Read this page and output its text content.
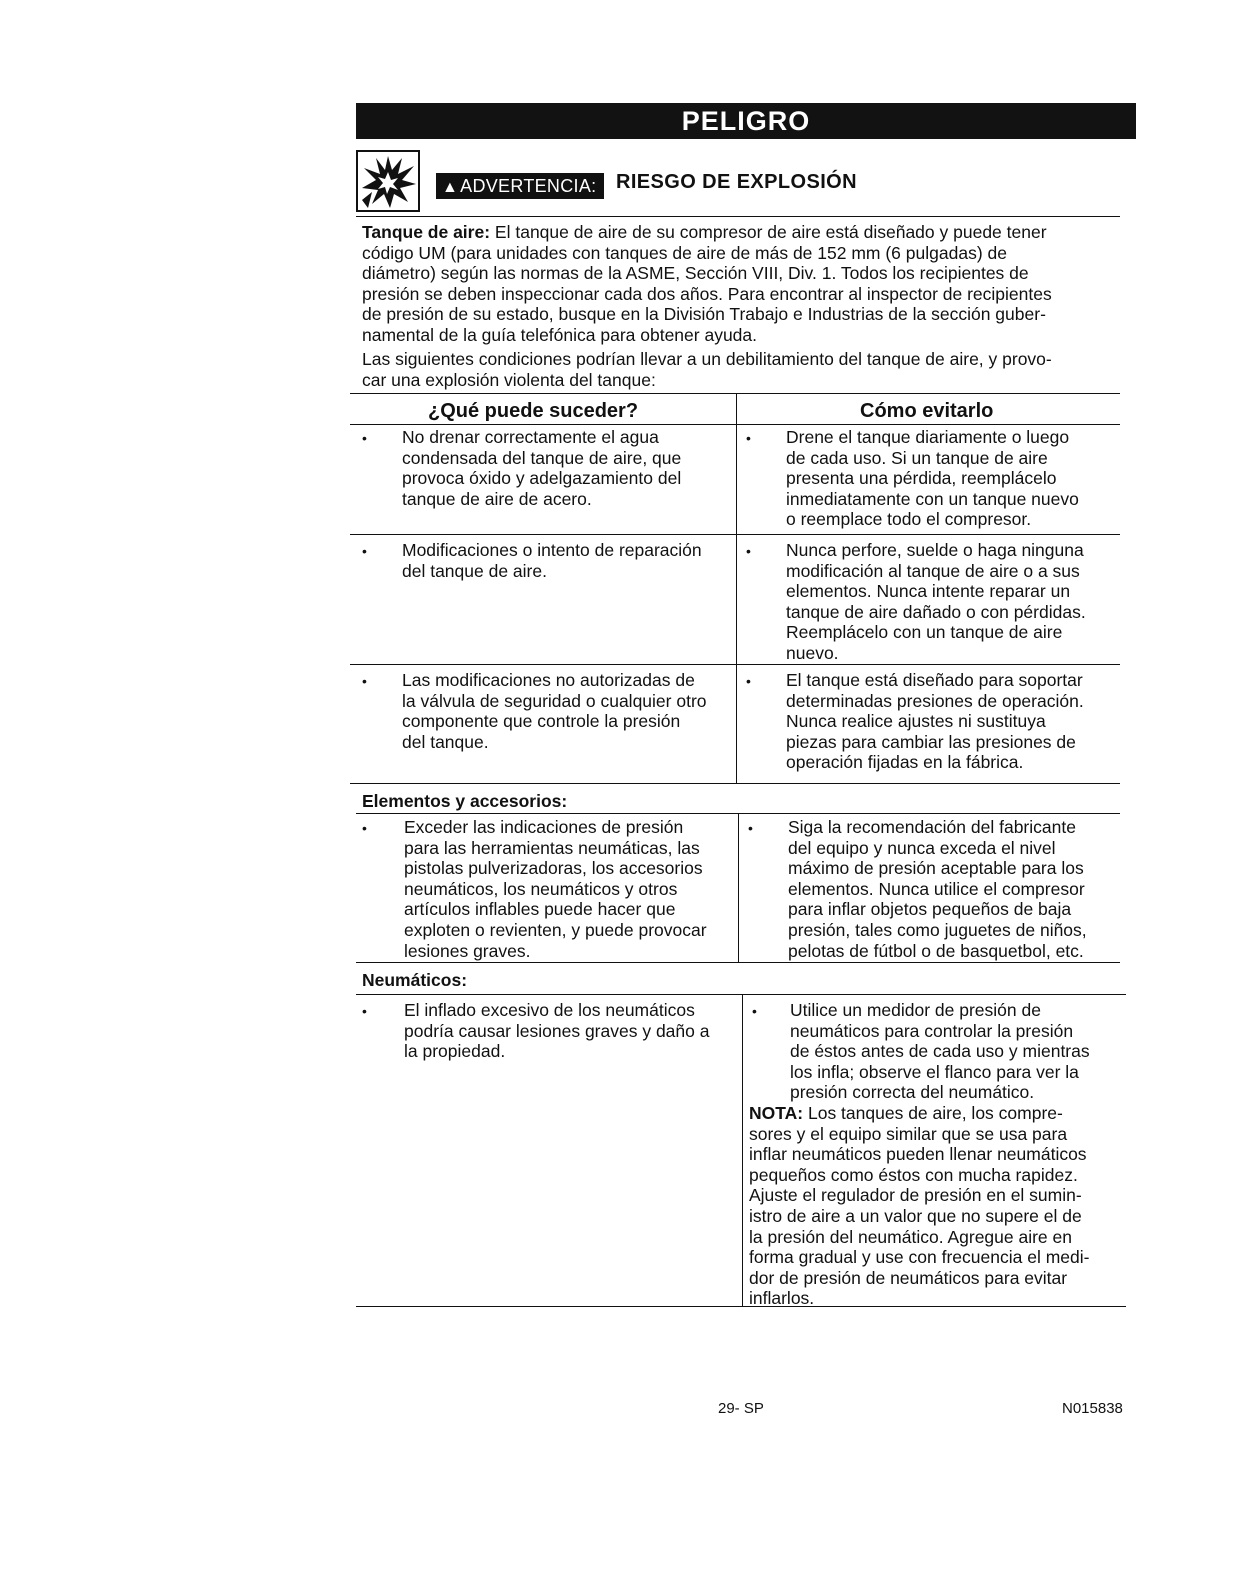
PELIGRO
▲ ADVERTENCIA: RIESGO DE EXPLOSIÓN
Tanque de aire: El tanque de aire de su compresor de aire está diseñado y puede tener
código UM (para unidades con tanques de aire de más de 152 mm (6 pulgadas) de
diámetro) según las normas de la ASME, Sección VIII, Div. 1. Todos los recipientes de
presión se deben inspeccionar cada dos años. Para encontrar al inspector de recipientes
de presión de su estado, busque en la División Trabajo e Industrias de la sección guber-
namental de la guía telefónica para obtener ayuda.
Las siguientes condiciones podrían llevar a un debilitamiento del tanque de aire, y provo-
car una explosión violenta del tanque:
¿Qué puede suceder?	Cómo evitarlo
• No drenar correctamente el agua
condensada del tanque de aire, que
provoca óxido y adelgazamiento del
tanque de aire de acero.
• Drene el tanque diariamente o luego
de cada uso. Si un tanque de aire
presenta una pérdida, reemplácelo
inmediatamente con un tanque nuevo
o reemplace todo el compresor.
• Modificaciones o intento de reparación
del tanque de aire.
• Nunca perfore, suelde o haga ninguna
modificación al tanque de aire o a sus
elementos. Nunca intente reparar un
tanque de aire dañado o con pérdidas.
Reemplácelo con un tanque de aire
nuevo.
• Las modificaciones no autorizadas de
la válvula de seguridad o cualquier otro
componente que controle la presión
del tanque.
• El tanque está diseñado para soportar
determinadas presiones de operación.
Nunca realice ajustes ni sustituya
piezas para cambiar las presiones de
operación fijadas en la fábrica.
Elementos y accesorios:
• Exceder las indicaciones de presión
para las herramientas neumáticas, las
pistolas pulverizadoras, los accesorios
neumáticos, los neumáticos y otros
artículos inflables puede hacer que
exploten o revienten, y puede provocar
lesiones graves.
• Siga la recomendación del fabricante
del equipo y nunca exceda el nivel
máximo de presión aceptable para los
elementos. Nunca utilice el compresor
para inflar objetos pequeños de baja
presión, tales como juguetes de niños,
pelotas de fútbol o de basquetbol, etc.
Neumáticos:
• El inflado excesivo de los neumáticos
podría causar lesiones graves y daño a
la propiedad.
• Utilice un medidor de presión de
neumáticos para controlar la presión
de éstos antes de cada uso y mientras
los infla; observe el flanco para ver la
presión correcta del neumático.
NOTA: Los tanques de aire, los compre-
sores y el equipo similar que se usa para
inflar neumáticos pueden llenar neumáticos
pequeños como éstos con mucha rapidez.
Ajuste el regulador de presión en el sumin-
istro de aire a un valor que no supere el de
la presión del neumático. Agregue aire en
forma gradual y use con frecuencia el medi-
dor de presión de neumáticos para evitar
inflarlos.
29- SP	N015838
